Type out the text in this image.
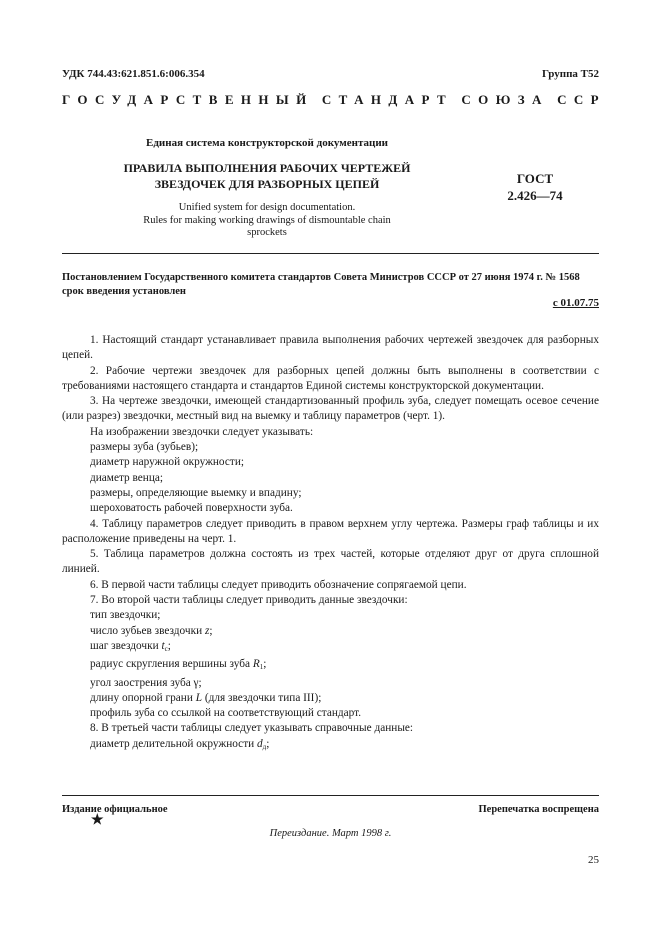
УДК 744.43:621.851.6:006.354	Группа Т52
ГОСУДАРСТВЕННЫЙ СТАНДАРТ СОЮЗА ССР
Единая система конструкторской документации
ПРАВИЛА ВЫПОЛНЕНИЯ РАБОЧИХ ЧЕРТЕЖЕЙ
ЗВЕЗДОЧЕК ДЛЯ РАЗБОРНЫХ ЦЕПЕЙ	ГОСТ
2.426—74
Unified system for design documentation.
Rules for making working drawings of dismountable chain
sprockets
Постановлением Государственного комитета стандартов Совета Министров СССР от 27 июня 1974 г. № 1568 срок введения установлен
с 01.07.75

1. Настоящий стандарт устанавливает правила выполнения рабочих чертежей звездочек для разборных цепей.

2. Рабочие чертежи звездочек для разборных цепей должны быть выполнены в соответствии с требованиями настоящего стандарта и стандартов Единой системы конструкторской документации.

3. На чертеже звездочки, имеющей стандартизованный профиль зуба, следует помещать осевое сечение (или разрез) звездочки, местный вид на выемку и таблицу параметров (черт. 1).

На изображении звездочки следует указывать:

размеры зуба (зубьев);

диаметр наружной окружности;

диаметр венца;

размеры, определяющие выемку и впадину;

шероховатость рабочей поверхности зуба.

4. Таблицу параметров следует приводить в правом верхнем углу чертежа. Размеры граф таблицы и их расположение приведены на черт. 1.

5. Таблица параметров должна состоять из трех частей, которые отделяют друг от друга сплошной линией.

6. В первой части таблицы следует приводить обозначение сопрягаемой цепи.

7. Во второй части таблицы следует приводить данные звездочки:

тип звездочки;

число зубьев звездочки z;

шаг звездочки $t_c$;

радиус скругления вершины зуба $R_1$;

угол заострения зуба γ;

длину опорной грани L (для звездочки типа III);

профиль зуба со ссылкой на соответствующий стандарт.

8. В третьей части таблицы следует указывать справочные данные:

диаметр делительной окружности $d_д$;

Издание официальное	Перепечатка воспрещена
★
Переиздание. Март 1998 г.
25
